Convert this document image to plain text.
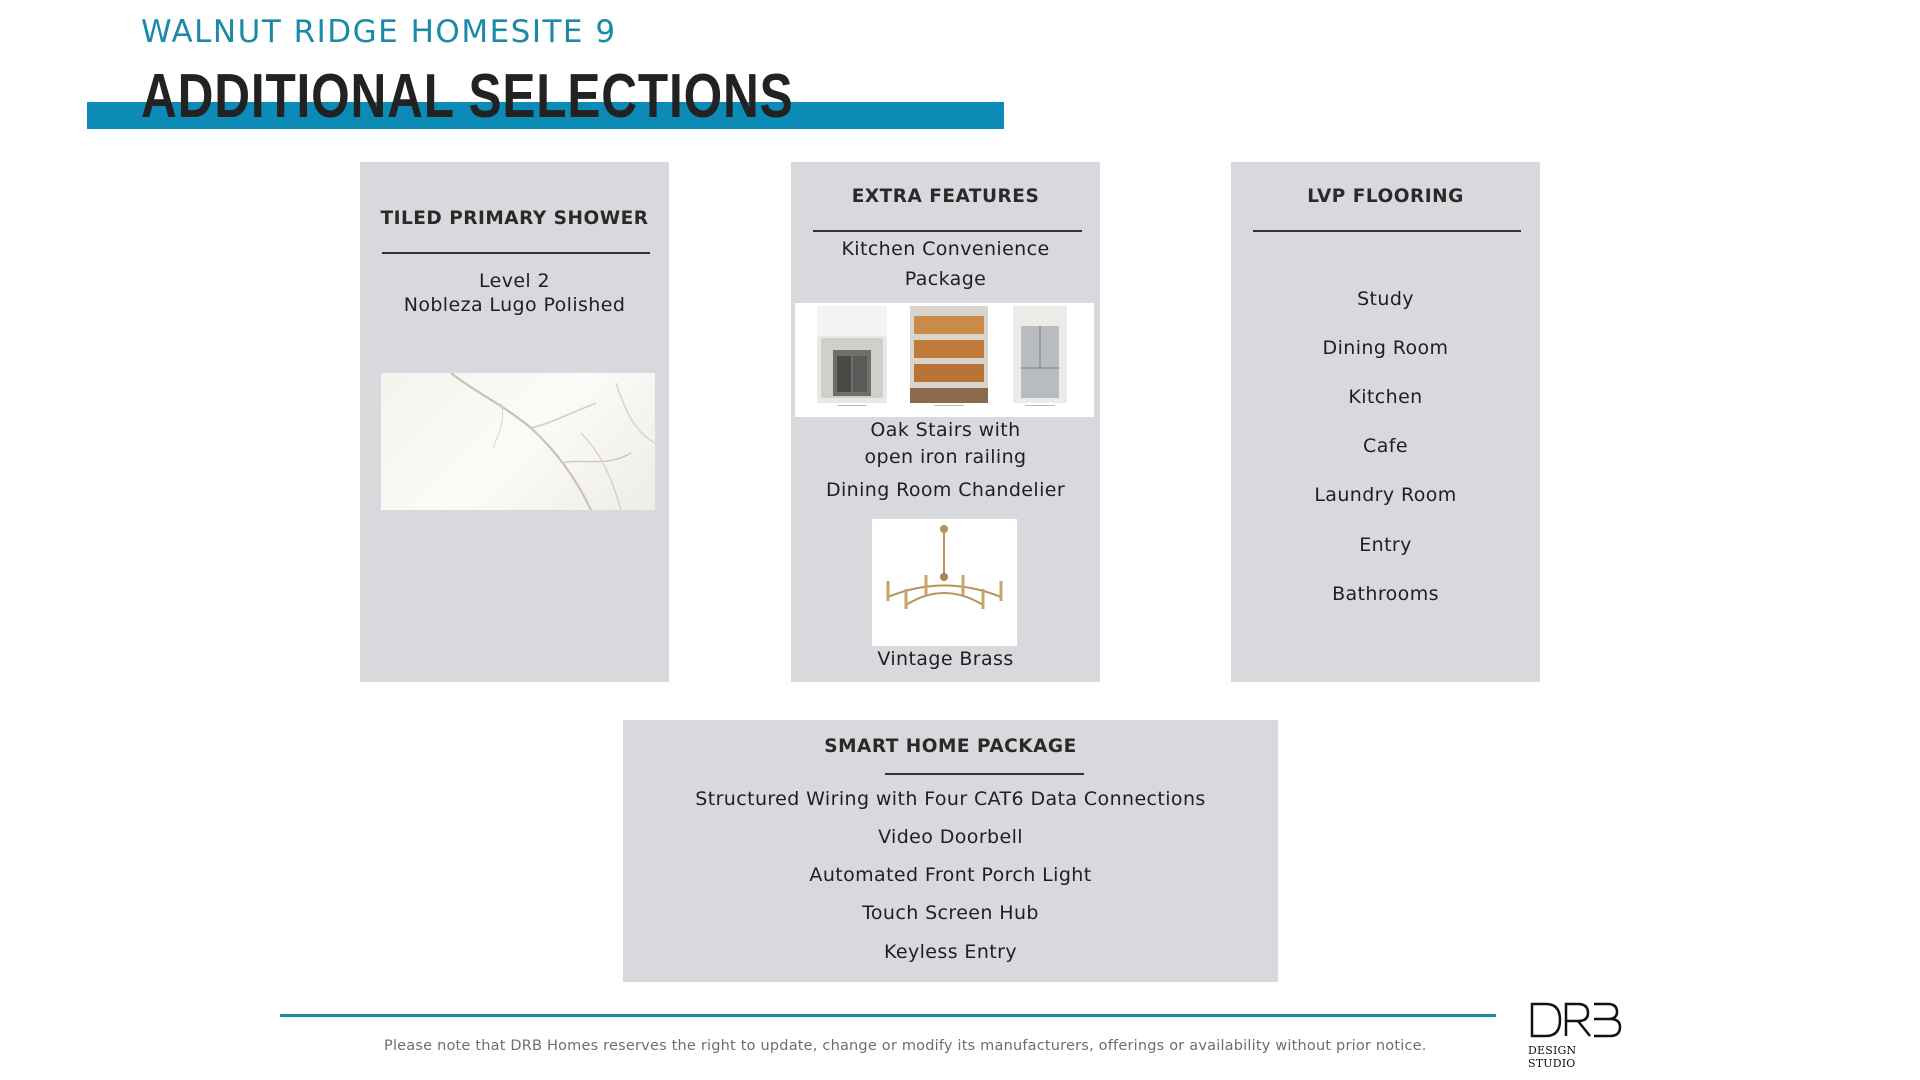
WALNUT RIDGE HOMESITE 9
ADDITIONAL SELECTIONS
TILED PRIMARY SHOWER
Level 2
Nobleza Lugo Polished
EXTRA FEATURES
Kitchen Convenience
Package
Oak Stairs with
open iron railing
Dining Room Chandelier
Vintage Brass
LVP FLOORING
Study
Dining Room
Kitchen
Cafe
Laundry Room
Entry
Bathrooms
SMART HOME PACKAGE
Structured Wiring with Four CAT6 Data Connections
Video Doorbell
Automated Front Porch Light
Touch Screen Hub
Keyless Entry
Please note that DRB Homes reserves the right to update, change or modify its manufacturers, offerings or availability without prior notice.	DESIGN STUDIO
